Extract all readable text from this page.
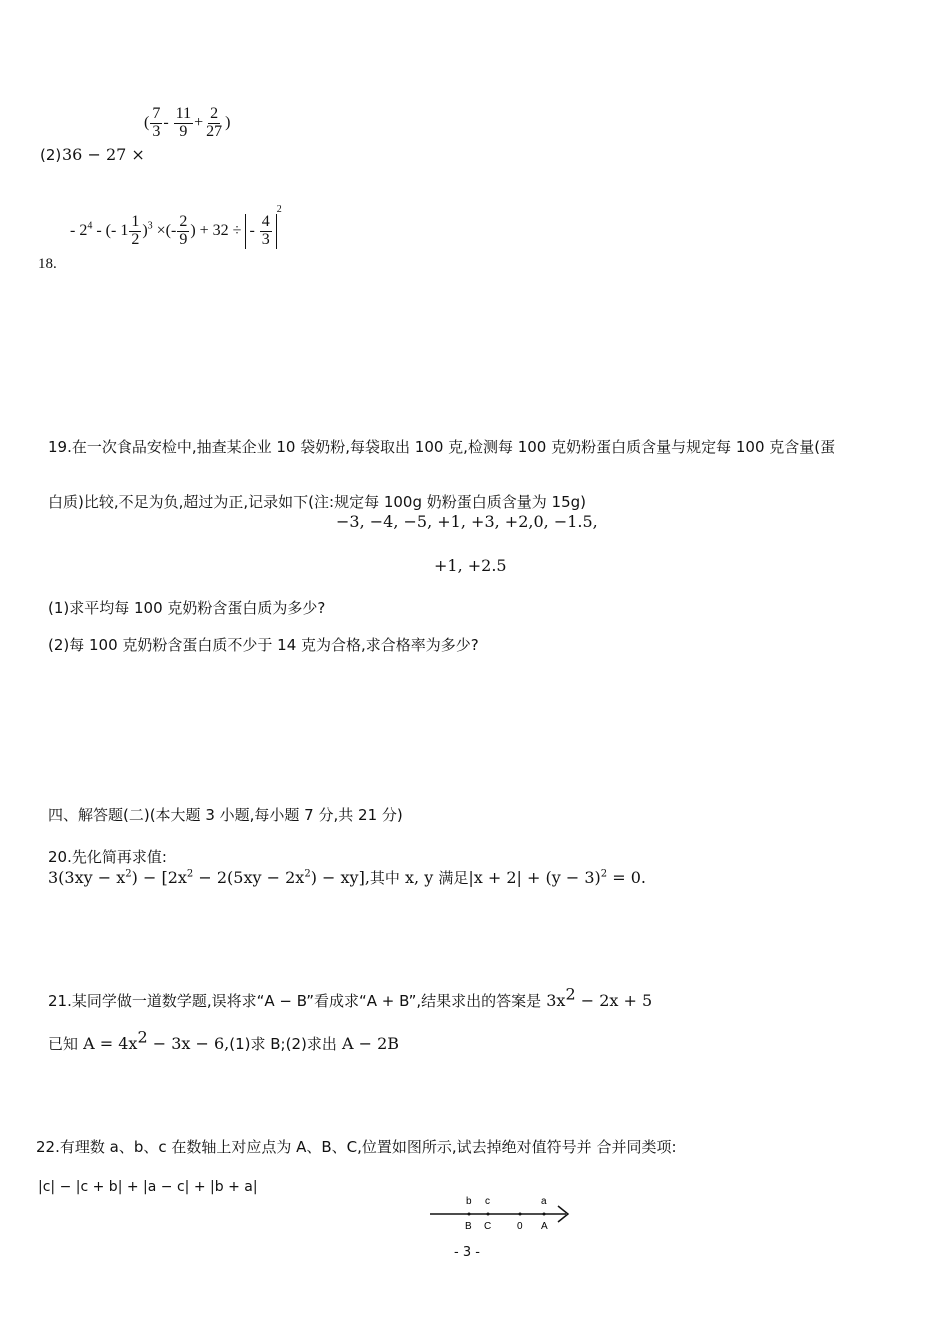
(2) 36 − 27 ×
( $\frac{7}{3} - \frac{11}{9} + \frac{2}{27}$ )
18.
- $2^4$ - (- $1 \frac{1}{2} )^3$ ×(- $\frac{2}{9}$ ) + 32 ÷ - $\frac{4}{3}$
$^2$
19.在一次食品安检中,抽查某企业 10 袋奶粉,每袋取出 100 克,检测每 100 克奶粉蛋白质含量与规定每 100 克含量(蛋
白质)比较,不足为负,超过为正,记录如下(注:规定每 100g 奶粉蛋白质含量为 15g)
−3, −4, −5, +1, +3, +2,0, −1.5,
+1, +2.5
(1)求平均每 100 克奶粉含蛋白质为多少?
(2)每 100 克奶粉含蛋白质不少于 14 克为合格,求合格率为多少?
四、解答题(二)(本大题 3 小题,每小题 7 分,共 21 分)
20.先化简再求值:
$3(3xy - x^2) - [2x^2 - 2(5xy - 2x^2) - xy]$,其中 x, y 满足$|x + 2| + (y - 3)^2 = 0$.
21.某同学做一道数学题,误将求“A − B”看成求“A + B”,结果求出的答案是 $3x^2 - 2x + 5$
已知 $A = 4x^2 - 3x - 6,(1)$求 B;(2)求出 A − 2B
22.有理数 a、b、c 在数轴上对应点为 A、B、C,位置如图所示,试去掉绝对值符号并 合并同类项:
|c| − |c + b| + |a − c| + |b + a|
b c	a
B C	0 A
- 3 -
